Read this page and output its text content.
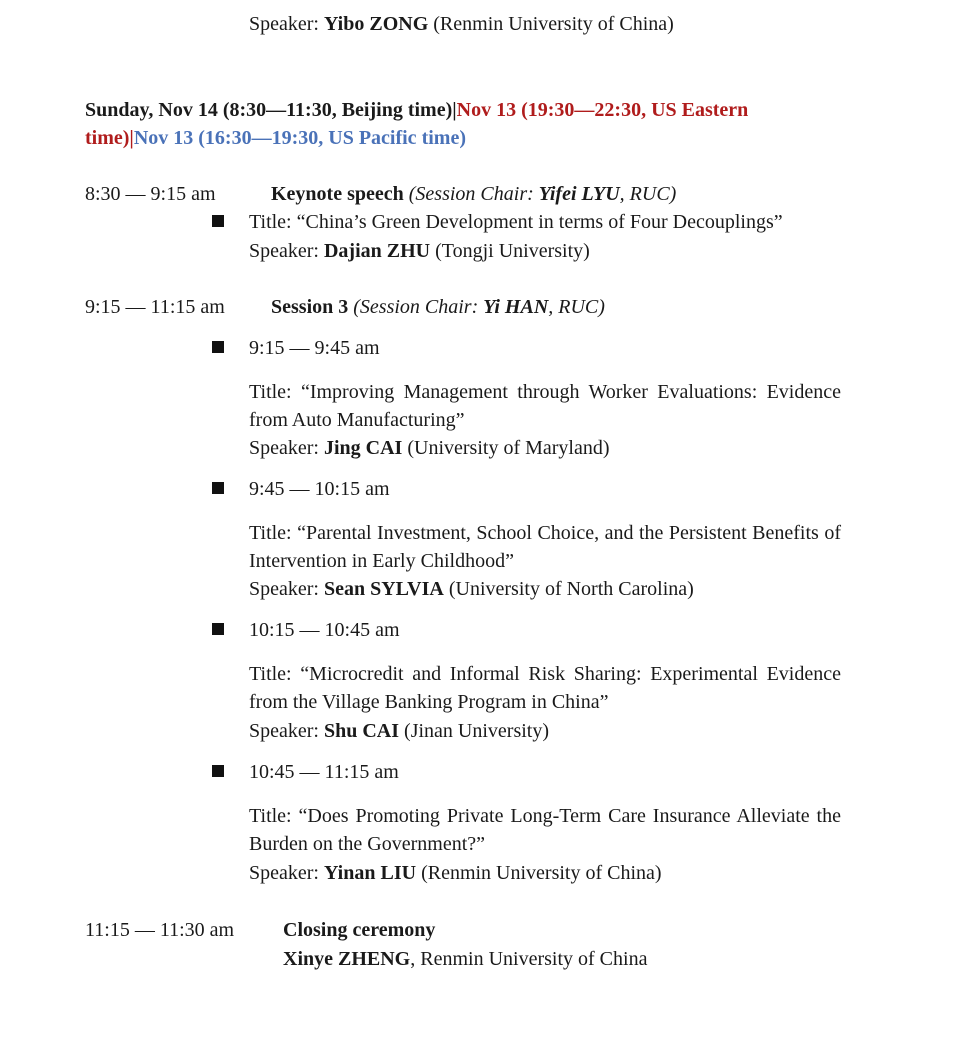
Speaker: Yibo ZONG (Renmin University of China)
Sunday, Nov 14 (8:30—11:30, Beijing time)|Nov 13 (19:30—22:30, US Eastern time)|Nov 13 (16:30—19:30, US Pacific time)
8:30 — 9:15 am	Keynote speech (Session Chair: Yifei LYU, RUC)
Title: “China’s Green Development in terms of Four Decouplings”
Speaker: Dajian ZHU (Tongji University)
9:15 — 11:15 am Session 3 (Session Chair: Yi HAN, RUC)
9:15 — 9:45 am
Title: “Improving Management through Worker Evaluations: Evidence from Auto Manufacturing”
Speaker: Jing CAI (University of Maryland)
9:45 — 10:15 am
Title: “Parental Investment, School Choice, and the Persistent Benefits of Intervention in Early Childhood”
Speaker: Sean SYLVIA (University of North Carolina)
10:15 — 10:45 am
Title: “Microcredit and Informal Risk Sharing: Experimental Evidence from the Village Banking Program in China”
Speaker: Shu CAI (Jinan University)
10:45 — 11:15 am
Title: “Does Promoting Private Long-Term Care Insurance Alleviate the Burden on the Government?”
Speaker: Yinan LIU (Renmin University of China)
11:15 — 11:30 am Closing ceremony
Xinye ZHENG, Renmin University of China
